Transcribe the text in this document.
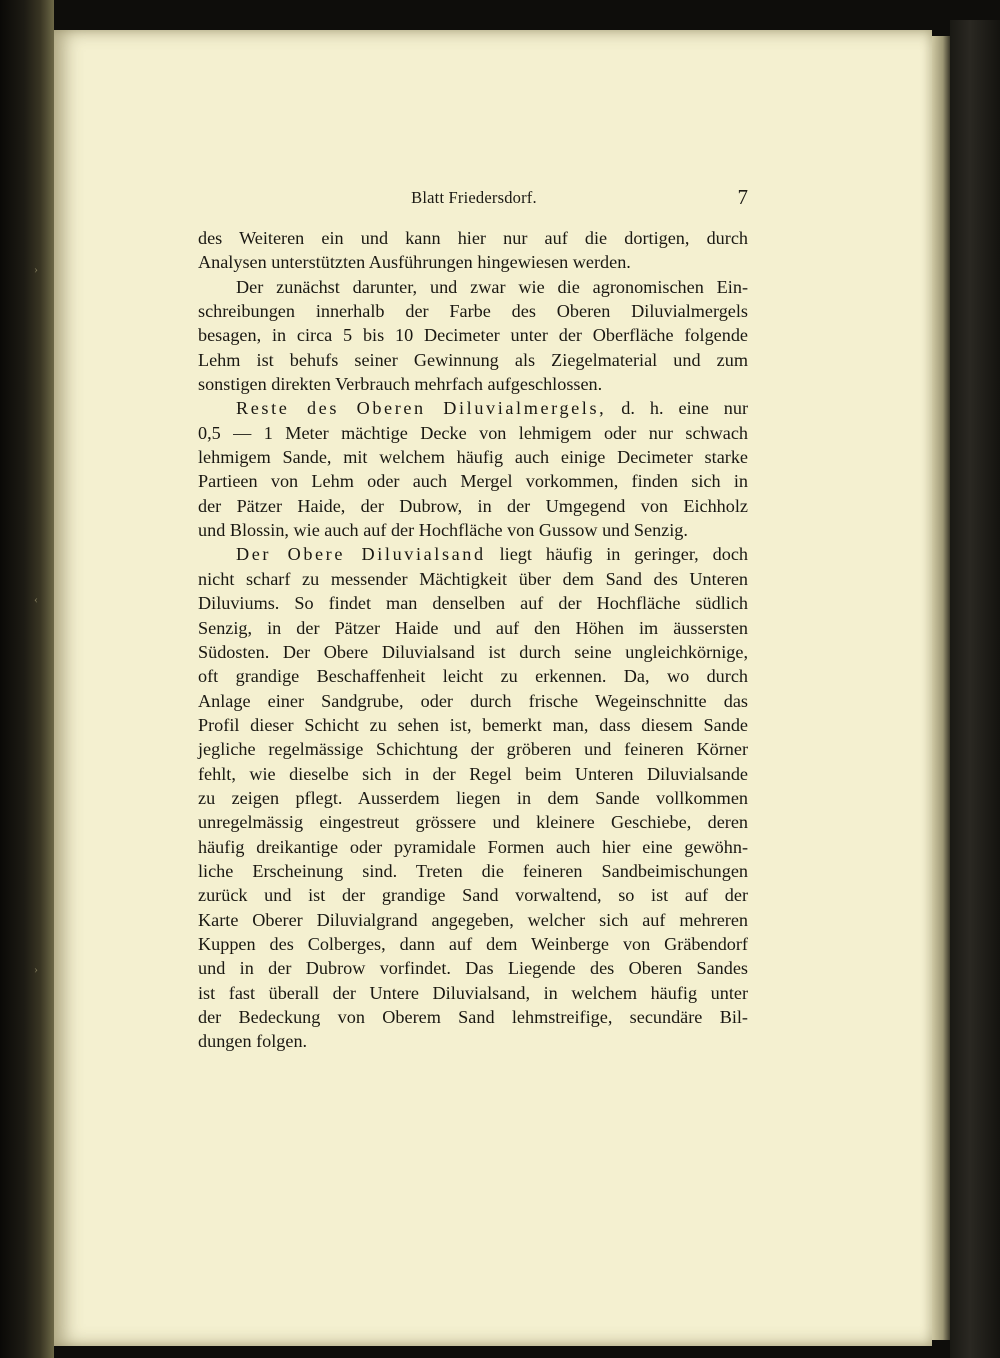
Blatt Friedersdorf.	7
des Weiteren ein und kann hier nur auf die dortigen, durch
Analysen unterstützten Ausführungen hingewiesen werden.
Der zunächst darunter, und zwar wie die agronomischen Ein-
schreibungen innerhalb der Farbe des Oberen Diluvialmergels
besagen, in circa 5 bis 10 Decimeter unter der Oberfläche folgende
Lehm ist behufs seiner Gewinnung als Ziegelmaterial und zum
sonstigen direkten Verbrauch mehrfach aufgeschlossen.
Reste des Oberen Diluvialmergels, d. h. eine nur
0,5 — 1 Meter mächtige Decke von lehmigem oder nur schwach
lehmigem Sande, mit welchem häufig auch einige Decimeter starke
Partieen von Lehm oder auch Mergel vorkommen, finden sich in
der Pätzer Haide, der Dubrow, in der Umgegend von Eichholz
und Blossin, wie auch auf der Hochfläche von Gussow und Senzig.
Der Obere Diluvialsand liegt häufig in geringer, doch
nicht scharf zu messender Mächtigkeit über dem Sand des Unteren
Diluviums. So findet man denselben auf der Hochfläche südlich
Senzig, in der Pätzer Haide und auf den Höhen im äussersten
Südosten. Der Obere Diluvialsand ist durch seine ungleichkörnige,
oft grandige Beschaffenheit leicht zu erkennen. Da, wo durch
Anlage einer Sandgrube, oder durch frische Wegeinschnitte das
Profil dieser Schicht zu sehen ist, bemerkt man, dass diesem Sande
jegliche regelmässige Schichtung der gröberen und feineren Körner
fehlt, wie dieselbe sich in der Regel beim Unteren Diluvialsande
zu zeigen pflegt. Ausserdem liegen in dem Sande vollkommen
unregelmässig eingestreut grössere und kleinere Geschiebe, deren
häufig dreikantige oder pyramidale Formen auch hier eine gewöhn-
liche Erscheinung sind. Treten die feineren Sandbeimischungen
zurück und ist der grandige Sand vorwaltend, so ist auf der
Karte Oberer Diluvialgrand angegeben, welcher sich auf mehreren
Kuppen des Colberges, dann auf dem Weinberge von Gräbendorf
und in der Dubrow vorfindet. Das Liegende des Oberen Sandes
ist fast überall der Untere Diluvialsand, in welchem häufig unter
der Bedeckung von Oberem Sand lehmstreifige, secundäre Bil-
dungen folgen.
›
‹
›
